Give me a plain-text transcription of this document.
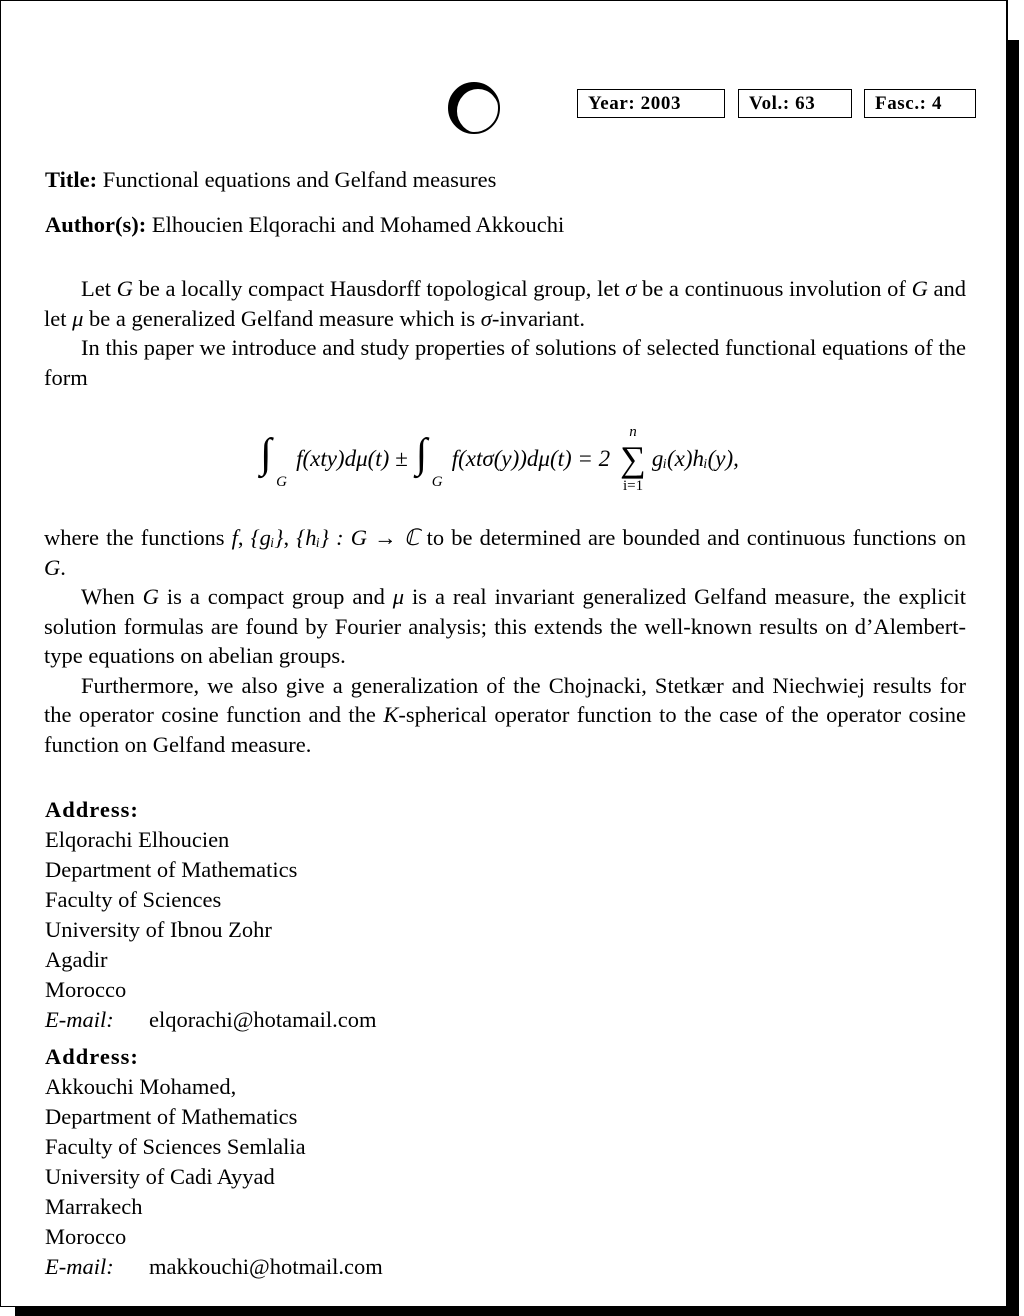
Year: 2003	Vol.: 63	Fasc.: 4
Title: Functional equations and Gelfand measures
Author(s): Elhoucien Elqorachi and Mohamed Akkouchi

Let G be a locally compact Hausdorff topological group, let σ be a continuous involution of G and let μ be a generalized Gelfand measure which is σ-invariant.

In this paper we introduce and study properties of solutions of selected functional equations of the form

∫
G
f(xty)dμ(t) ± ∫
G
f(xtσ(y))dμ(t) = 2
n
∑
i=1
gᵢ(x)hᵢ(y),

where the functions f, {gᵢ}, {hᵢ} : G → ℂ to be determined are bounded and continuous functions on G.

When G is a compact group and μ is a real invariant generalized Gelfand measure, the explicit solution formulas are found by Fourier analysis; this extends the well-known results on d’Alembert-type equations on abelian groups.

Furthermore, we also give a generalization of the Chojnacki, Stetkær and Niechwiej results for the operator cosine function and the K-spherical operator function to the case of the operator cosine function on Gelfand measure.

Address:
Elqorachi Elhoucien
Department of Mathematics
Faculty of Sciences
University of Ibnou Zohr
Agadir
Morocco
E-mail: elqorachi@hotamail.com
Address:
Akkouchi Mohamed,
Department of Mathematics
Faculty of Sciences Semlalia
University of Cadi Ayyad
Marrakech
Morocco
E-mail: makkouchi@hotmail.com
